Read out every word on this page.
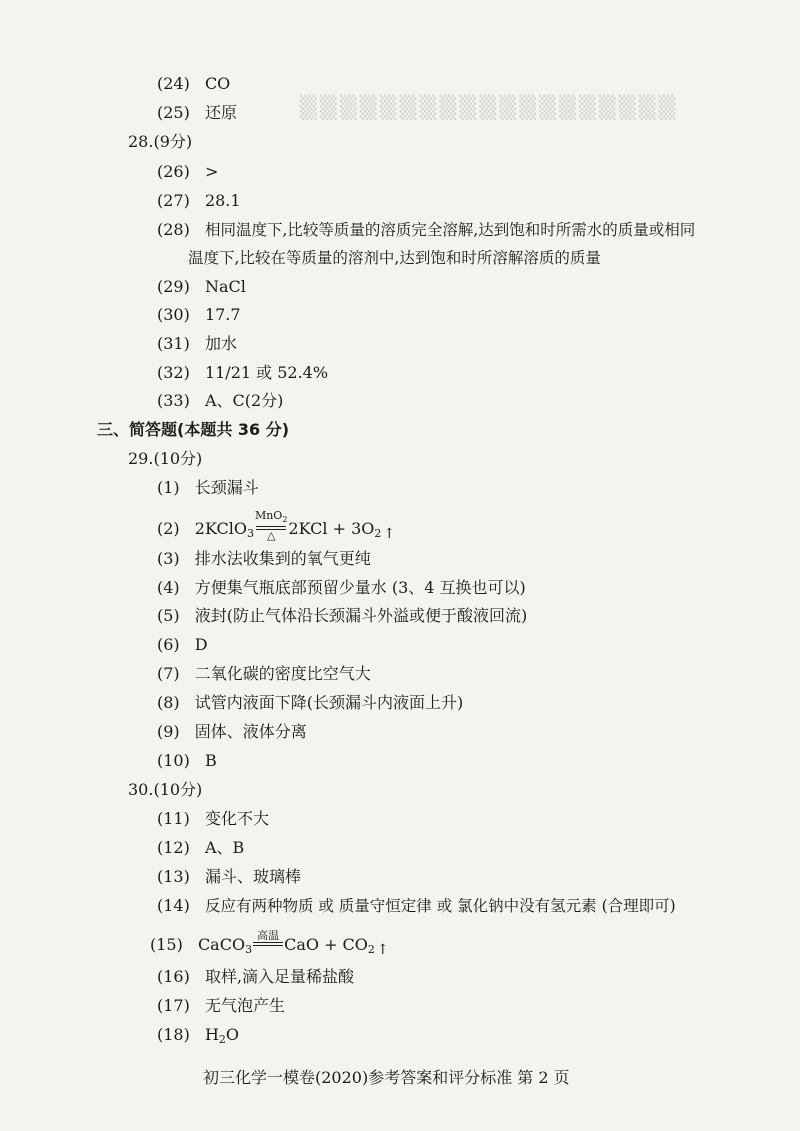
▒▒▒▒▒▒▒▒▒▒▒▒▒▒▒▒▒▒▒
(24) CO
(25) 还原
28.(9分)
(26) >
(27) 28.1
(28) 相同温度下,比较等质量的溶质完全溶解,达到饱和时所需水的质量或相同
温度下,比较在等质量的溶剂中,达到饱和时所溶解溶质的质量
(29) NaCl
(30) 17.7
(31) 加水
(32) 11/21 或 52.4%
(33) A、C(2分)
三、简答题(本题共 36 分)
29.(10分)
(1) 长颈漏斗
(2) 2KClO$_3$
MnO$_2$
△ $2KCl + 3O_2$ ↑
(3) 排水法收集到的氧气更纯
(4) 方便集气瓶底部预留少量水 (3、4 互换也可以)
(5) 液封(防止气体沿长颈漏斗外溢或便于酸液回流)
(6) D
(7) 二氧化碳的密度比空气大
(8) 试管内液面下降(长颈漏斗内液面上升)
(9) 固体、液体分离
(10) B
30.(10分)
(11) 变化不大
(12) A、B
(13) 漏斗、玻璃棒
(14) 反应有两种物质 或 质量守恒定律 或 氯化钠中没有氢元素 (合理即可)
(15) CaCO$_3$
高温
CaO + $CO_2$ ↑
(16) 取样,滴入足量稀盐酸
(17) 无气泡产生
(18) $H_2O$
初三化学一模卷(2020)参考答案和评分标准 第 2 页
